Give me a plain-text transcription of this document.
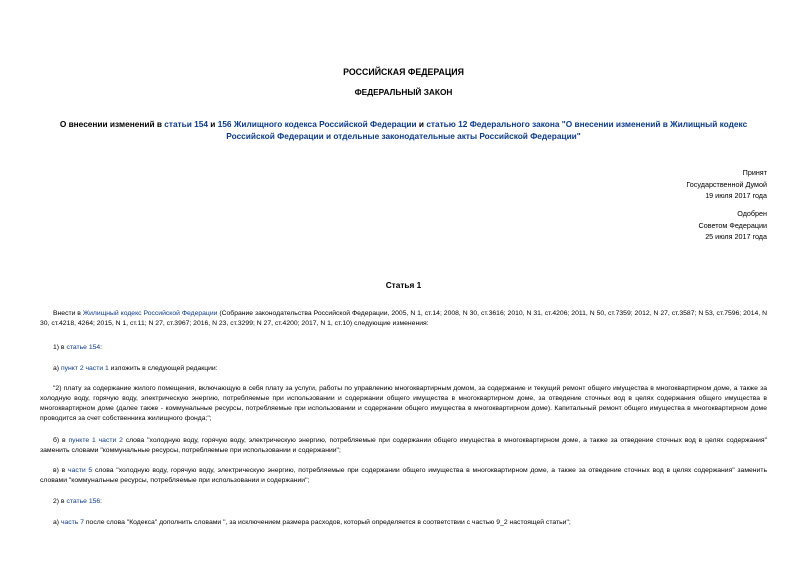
РОССИЙСКАЯ ФЕДЕРАЦИЯ
ФЕДЕРАЛЬНЫЙ ЗАКОН
О внесении изменений в статьи 154 и 156 Жилищного кодекса Российской Федерации и статью 12 Федерального закона "О внесении изменений в Жилищный кодекс Российской Федерации и отдельные законодательные акты Российской Федерации"
Принят
Государственной Думой
19 июля 2017 года
Одобрен
Советом Федерации
25 июля 2017 года
Статья 1
Внести в Жилищный кодекс Российской Федерации (Собрание законодательства Российской Федерации, 2005, N 1, ст.14; 2008, N 30, ст.3616; 2010, N 31, ст.4206; 2011, N 50, ст.7359; 2012, N 27, ст.3587; N 53, ст.7596; 2014, N 30, ст.4218, 4264; 2015, N 1, ст.11; N 27, ст.3967; 2016, N 23, ст.3299; N 27, ст.4200; 2017, N 1, ст.10) следующие изменения:
1) в статье 154:
а) пункт 2 части 1 изложить в следующей редакции:
"2) плату за содержание жилого помещения, включающую в себя плату за услуги, работы по управлению многоквартирным домом, за содержание и текущий ремонт общего имущества в многоквартирном доме, а также за холодную воду, горячую воду, электрическую энергию, потребляемые при использовании и содержании общего имущества в многоквартирном доме, за отведение сточных вод в целях содержания общего имущества в многоквартирном доме (далее также - коммунальные ресурсы, потребляемые при использовании и содержании общего имущества в многоквартирном доме). Капитальный ремонт общего имущества в многоквартирном доме проводится за счет собственника жилищного фонда;";
б) в пункте 1 части 2 слова "холодную воду, горячую воду, электрическую энергию, потребляемые при содержании общего имущества в многоквартирном доме, а также за отведение сточных вод в целях содержания" заменить словами "коммунальные ресурсы, потребляемые при использовании и содержании";
в) в части 5 слова "холодную воду, горячую воду, электрическую энергию, потребляемые при содержании общего имущества в многоквартирном доме, а также за отведение сточных вод в целях содержания" заменить словами "коммунальные ресурсы, потребляемые при использовании и содержании";
2) в статье 156:
а) часть 7 после слова "Кодекса" дополнить словами ", за исключением размера расходов, который определяется в соответствии с частью 9_2 настоящей статьи";
